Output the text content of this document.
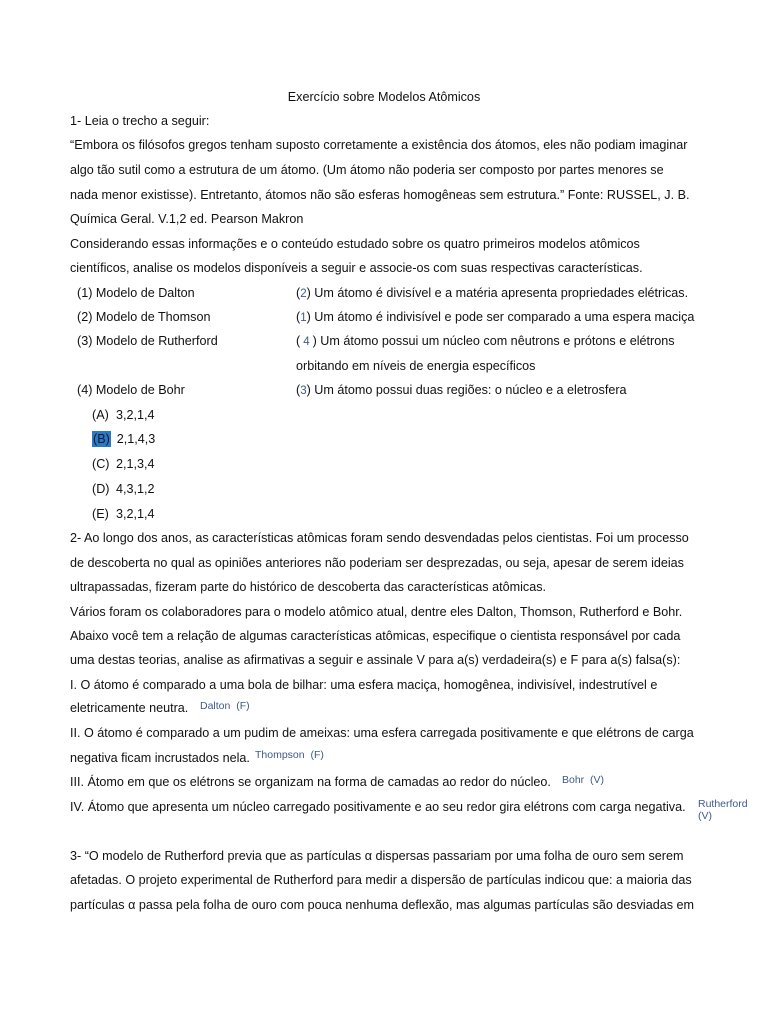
Exercício sobre Modelos Atômicos
1- Leia o trecho a seguir:
“Embora os filósofos gregos tenham suposto corretamente a existência dos átomos, eles não podiam imaginar
algo tão sutil como a estrutura de um átomo. (Um átomo não poderia ser composto por partes menores se
nada menor existisse). Entretanto, átomos não são esferas homogêneas sem estrutura.” Fonte: RUSSEL, J. B.
Química Geral. V.1,2 ed. Pearson Makron
Considerando essas informações e o conteúdo estudado sobre os quatro primeiros modelos atômicos
científicos, analise os modelos disponíveis a seguir e associe-os com suas respectivas características.
(1) Modelo de Dalton
(2) Modelo de Thomson
(3) Modelo de Rutherford
(4) Modelo de Bohr
(2) Um átomo é divisível e a matéria apresenta propriedades elétricas.
(1) Um átomo é indivisível e pode ser comparado a uma espera maciça
( 4 ) Um átomo possui um núcleo com nêutrons e prótons e elétrons
orbitando em níveis de energia específicos
(3) Um átomo possui duas regiões: o núcleo e a eletrosfera
(A) 3,2,1,4
(B) 2,1,4,3
(C) 2,1,3,4
(D) 4,3,1,2
(E) 3,2,1,4
2- Ao longo dos anos, as características atômicas foram sendo desvendadas pelos cientistas. Foi um processo
de descoberta no qual as opiniões anteriores não poderiam ser desprezadas, ou seja, apesar de serem ideias
ultrapassadas, fizeram parte do histórico de descoberta das características atômicas.
Vários foram os colaboradores para o modelo atômico atual, dentre eles Dalton, Thomson, Rutherford e Bohr.
Abaixo você tem a relação de algumas características atômicas, especifique o cientista responsável por cada
uma destas teorias, analise as afirmativas a seguir e assinale V para a(s) verdadeira(s) e F para a(s) falsa(s):
I. O átomo é comparado a uma bola de bilhar: uma esfera maciça, homogênea, indivisível, indestrutível e
eletricamente neutra. Dalton (F)
II. O átomo é comparado a um pudim de ameixas: uma esfera carregada positivamente e que elétrons de carga
negativa ficam incrustados nela. Thompson (F)
III. Átomo em que os elétrons se organizam na forma de camadas ao redor do núcleo. Bohr (V)
IV. Átomo que apresenta um núcleo carregado positivamente e ao seu redor gira elétrons com carga negativa. Rutherford
(V)
3- “O modelo de Rutherford previa que as partículas α dispersas passariam por uma folha de ouro sem serem
afetadas. O projeto experimental de Rutherford para medir a dispersão de partículas indicou que: a maioria das
partículas α passa pela folha de ouro com pouca nenhuma deflexão, mas algumas partículas são desviadas em
